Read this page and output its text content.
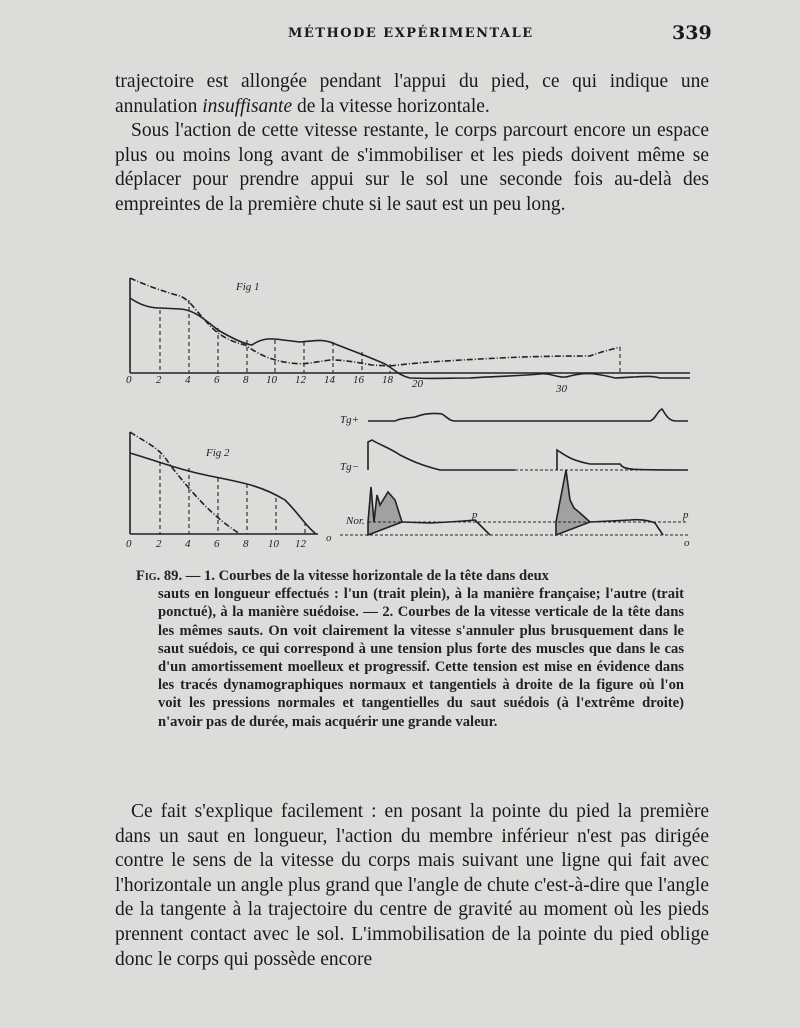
MÉTHODE EXPÉRIMENTALE	339

trajectoire est allongée pendant l'appui du pied, ce qui indique une annulation insuffisante de la vitesse horizontale.

Sous l'action de cette vitesse restante, le corps parcourt encore un espace plus ou moins long avant de s'immobiliser et les pieds doivent même se déplacer pour prendre appui sur le sol une seconde fois au-delà des empreintes de la première chute si le saut est un peu long.

Fig 1
Fig 2
0 2 4 6 8 10 12 14 16 18 20	30
0 2 4 6 8 10 12
Tg+
Tg−
Nor.	p	p
o	o
Fig. 89. — 1. Courbes de la vitesse horizontale de la tête dans deux
sauts en longueur effectués : l'un (trait plein), à la manière française; l'autre (trait ponctué), à la manière suédoise. — 2. Courbes de la vitesse verticale de la tête dans les mêmes sauts. On voit clairement la vitesse s'annuler plus brusquement dans le saut suédois, ce qui correspond à une tension plus forte des muscles que dans le cas d'un amortissement moelleux et progressif. Cette tension est mise en évidence dans les tracés dynamographiques normaux et tangentiels à droite de la figure où l'on voit les pressions normales et tangentielles du saut suédois (à l'extrême droite) n'avoir pas de durée, mais acquérir une grande valeur.

Ce fait s'explique facilement : en posant la pointe du pied la première dans un saut en longueur, l'action du membre inférieur n'est pas dirigée contre le sens de la vitesse du corps mais suivant une ligne qui fait avec l'horizontale un angle plus grand que l'angle de chute c'est-à-dire que l'angle de la tangente à la trajectoire du centre de gravité au moment où les pieds prennent contact avec le sol. L'immobilisation de la pointe du pied oblige donc le corps qui possède encore
